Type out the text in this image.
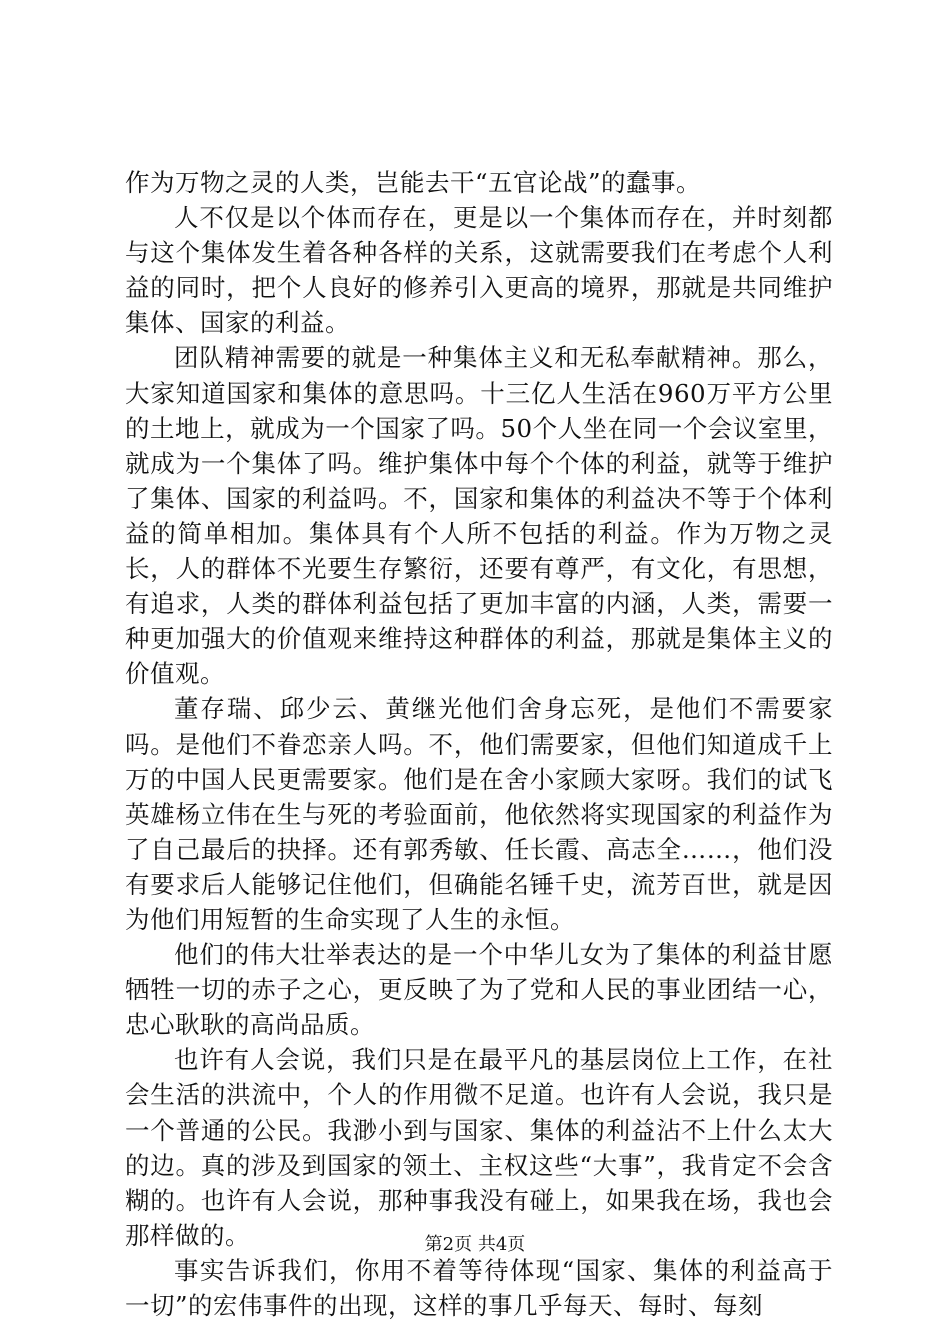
作为万物之灵的人类，岂能去干“五官论战”的蠢事。

人不仅是以个体而存在，更是以一个集体而存在，并时刻都与这个集体发生着各种各样的关系，这就需要我们在考虑个人利益的同时，把个人良好的修养引入更高的境界，那就是共同维护集体、国家的利益。

团队精神需要的就是一种集体主义和无私奉献精神。那么，大家知道国家和集体的意思吗。十三亿人生活在960万平方公里的土地上，就成为一个国家了吗。50个人坐在同一个会议室里，就成为一个集体了吗。维护集体中每个个体的利益，就等于维护了集体、国家的利益吗。不，国家和集体的利益决不等于个体利益的简单相加。集体具有个人所不包括的利益。作为万物之灵长，人的群体不光要生存繁衍，还要有尊严，有文化，有思想，有追求，人类的群体利益包括了更加丰富的内涵，人类，需要一种更加强大的价值观来维持这种群体的利益，那就是集体主义的价值观。

董存瑞、邱少云、黄继光他们舍身忘死，是他们不需要家吗。是他们不眷恋亲人吗。不，他们需要家，但他们知道成千上万的中国人民更需要家。他们是在舍小家顾大家呀。我们的试飞英雄杨立伟在生与死的考验面前，他依然将实现国家的利益作为了自己最后的抉择。还有郭秀敏、任长霞、高志全……，他们没有要求后人能够记住他们，但确能名锤千史，流芳百世，就是因为他们用短暂的生命实现了人生的永恒。

他们的伟大壮举表达的是一个中华儿女为了集体的利益甘愿牺牲一切的赤子之心，更反映了为了党和人民的事业团结一心，忠心耿耿的高尚品质。

也许有人会说，我们只是在最平凡的基层岗位上工作，在社会生活的洪流中，个人的作用微不足道。也许有人会说，我只是一个普通的公民。我渺小到与国家、集体的利益沾不上什么太大的边。真的涉及到国家的领土、主权这些“大事”，我肯定不会含糊的。也许有人会说，那种事我没有碰上，如果我在场，我也会那样做的。

事实告诉我们，你用不着等待体现“国家、集体的利益高于一切”的宏伟事件的出现，这样的事几乎每天、每时、每刻

第2页 共4页
